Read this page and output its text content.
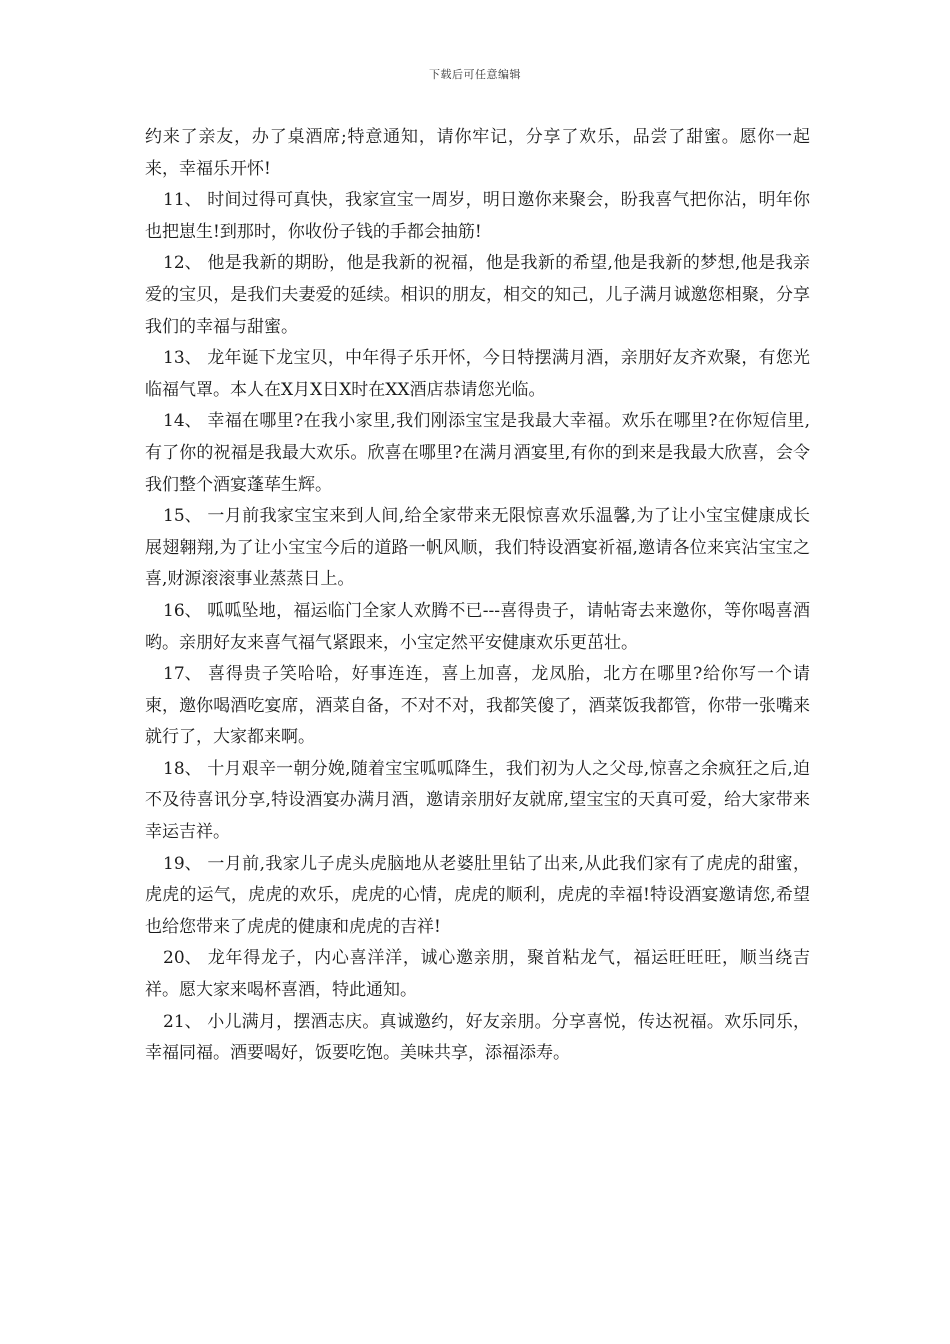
下载后可任意编辑

约来了亲友，办了桌酒席;特意通知，请你牢记，分享了欢乐，品尝了甜蜜。愿你一起来，幸福乐开怀!

11、 时间过得可真快，我家宣宝一周岁，明日邀你来聚会，盼我喜气把你沾，明年你也把崽生!到那时，你收份子钱的手都会抽筋!

12、 他是我新的期盼，他是我新的祝福，他是我新的希望,他是我新的梦想,他是我亲爱的宝贝，是我们夫妻爱的延续。相识的朋友，相交的知己，儿子满月诚邀您相聚，分享我们的幸福与甜蜜。

13、 龙年诞下龙宝贝，中年得子乐开怀，今日特摆满月酒，亲朋好友齐欢聚，有您光临福气罩。本人在X月X日X时在XX酒店恭请您光临。

14、 幸福在哪里?在我小家里,我们刚添宝宝是我最大幸福。欢乐在哪里?在你短信里,有了你的祝福是我最大欢乐。欣喜在哪里?在满月酒宴里,有你的到来是我最大欣喜，会令我们整个酒宴蓬荜生辉。

15、 一月前我家宝宝来到人间,给全家带来无限惊喜欢乐温馨,为了让小宝宝健康成长展翅翱翔,为了让小宝宝今后的道路一帆风顺，我们特设酒宴祈福,邀请各位来宾沾宝宝之喜,财源滚滚事业蒸蒸日上。

16、 呱呱坠地，福运临门全家人欢腾不已---喜得贵子，请帖寄去来邀你，等你喝喜酒哟。亲朋好友来喜气福气紧跟来，小宝定然平安健康欢乐更茁壮。

17、 喜得贵子笑哈哈，好事连连，喜上加喜，龙凤胎，北方在哪里?给你写一个请柬，邀你喝酒吃宴席，酒菜自备，不对不对，我都笑傻了，酒菜饭我都管，你带一张嘴来就行了，大家都来啊。

18、 十月艰辛一朝分娩,随着宝宝呱呱降生，我们初为人之父母,惊喜之余疯狂之后,迫不及待喜讯分享,特设酒宴办满月酒，邀请亲朋好友就席,望宝宝的天真可爱，给大家带来幸运吉祥。

19、 一月前,我家儿子虎头虎脑地从老婆肚里钻了出来,从此我们家有了虎虎的甜蜜，虎虎的运气，虎虎的欢乐，虎虎的心情，虎虎的顺利，虎虎的幸福!特设酒宴邀请您,希望也给您带来了虎虎的健康和虎虎的吉祥!

20、 龙年得龙子，内心喜洋洋，诚心邀亲朋，聚首粘龙气，福运旺旺旺，顺当绕吉祥。愿大家来喝杯喜酒，特此通知。

21、 小儿满月，摆酒志庆。真诚邀约，好友亲朋。分享喜悦，传达祝福。欢乐同乐，幸福同福。酒要喝好，饭要吃饱。美味共享，添福添寿。
